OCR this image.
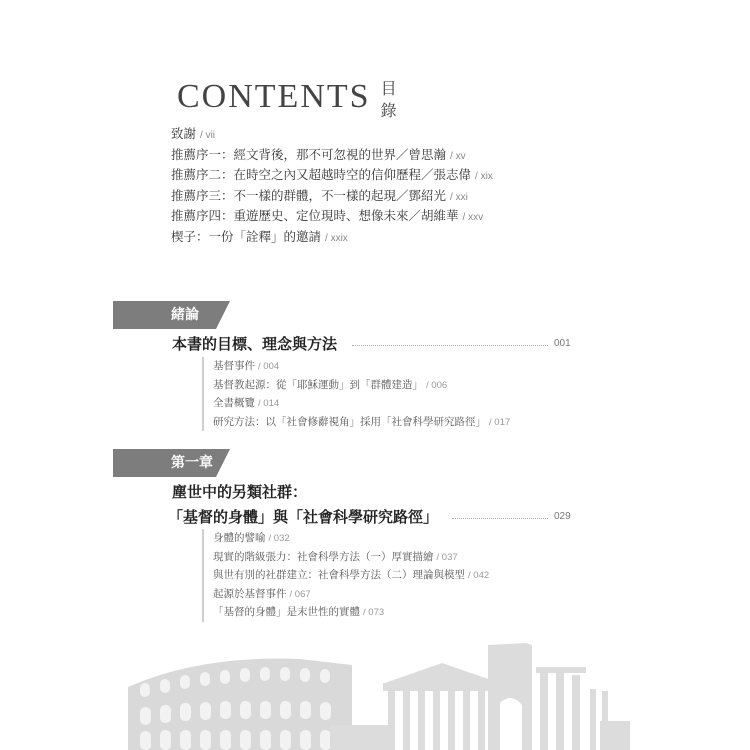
CONTENTS 目
錄
致謝 / vii
推薦序一：經文背後，那不可忽視的世界／曾思瀚 / xv
推薦序二：在時空之內又超越時空的信仰歷程／張志偉 / xix
推薦序三：不一樣的群體，不一樣的起現／鄧紹光 / xxi
推薦序四：重遊歷史、定位現時、想像未來／胡維華 / xxv
楔子：一份「詮釋」的邀請 / xxix
緒論
本書的目標、理念與方法	001
基督事件 / 004
基督教起源：從「耶穌運動」到「群體建造」 / 006
全書概覽 / 014
研究方法：以「社會修辭視角」採用「社會科學研究路徑」 / 017
第一章
塵世中的另類社群：
「基督的身體」與「社會科學研究路徑」	029
身體的譬喻 / 032
現實的階級張力：社會科學方法（一）厚實描繪 / 037
與世有別的社群建立：社會科學方法（二）理論與模型 / 042
起源於基督事件 / 067
「基督的身體」是末世性的實體 / 073
